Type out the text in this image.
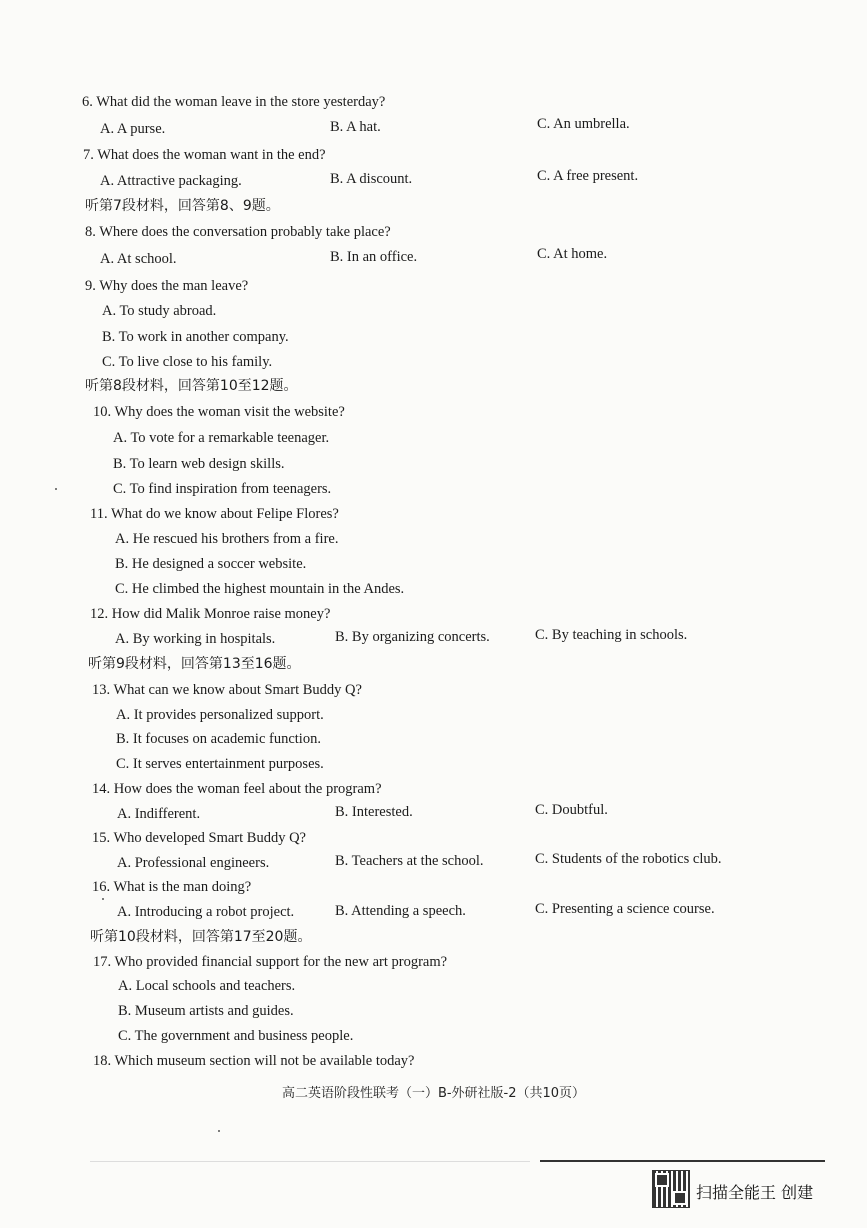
6. What did the woman leave in the store yesterday?
A. A purse.	B. A hat.	C. An umbrella.
7. What does the woman want in the end?
A. Attractive packaging.	B. A discount.	C. A free present.
听第7段材料，回答第8、9题。
8. Where does the conversation probably take place?
A. At school.	B. In an office.	C. At home.
9. Why does the man leave?
A. To study abroad.
B. To work in another company.
C. To live close to his family.
听第8段材料，回答第10至12题。
10. Why does the woman visit the website?
A. To vote for a remarkable teenager.
B. To learn web design skills.
C. To find inspiration from teenagers.
11. What do we know about Felipe Flores?
A. He rescued his brothers from a fire.
B. He designed a soccer website.
C. He climbed the highest mountain in the Andes.
12. How did Malik Monroe raise money?
A. By working in hospitals.	B. By organizing concerts.	C. By teaching in schools.
听第9段材料，回答第13至16题。
13. What can we know about Smart Buddy Q?
A. It provides personalized support.
B. It focuses on academic function.
C. It serves entertainment purposes.
14. How does the woman feel about the program?
A. Indifferent.	B. Interested.	C. Doubtful.
15. Who developed Smart Buddy Q?
A. Professional engineers.	B. Teachers at the school.	C. Students of the robotics club.
16. What is the man doing?
A. Introducing a robot project.	B. Attending a speech.	C. Presenting a science course.
听第10段材料，回答第17至20题。
17. Who provided financial support for the new art program?
A. Local schools and teachers.
B. Museum artists and guides.
C. The government and business people.
18. Which museum section will not be available today?
高二英语阶段性联考（一）B-外研社版-2（共10页）
扫描全能王 创建
